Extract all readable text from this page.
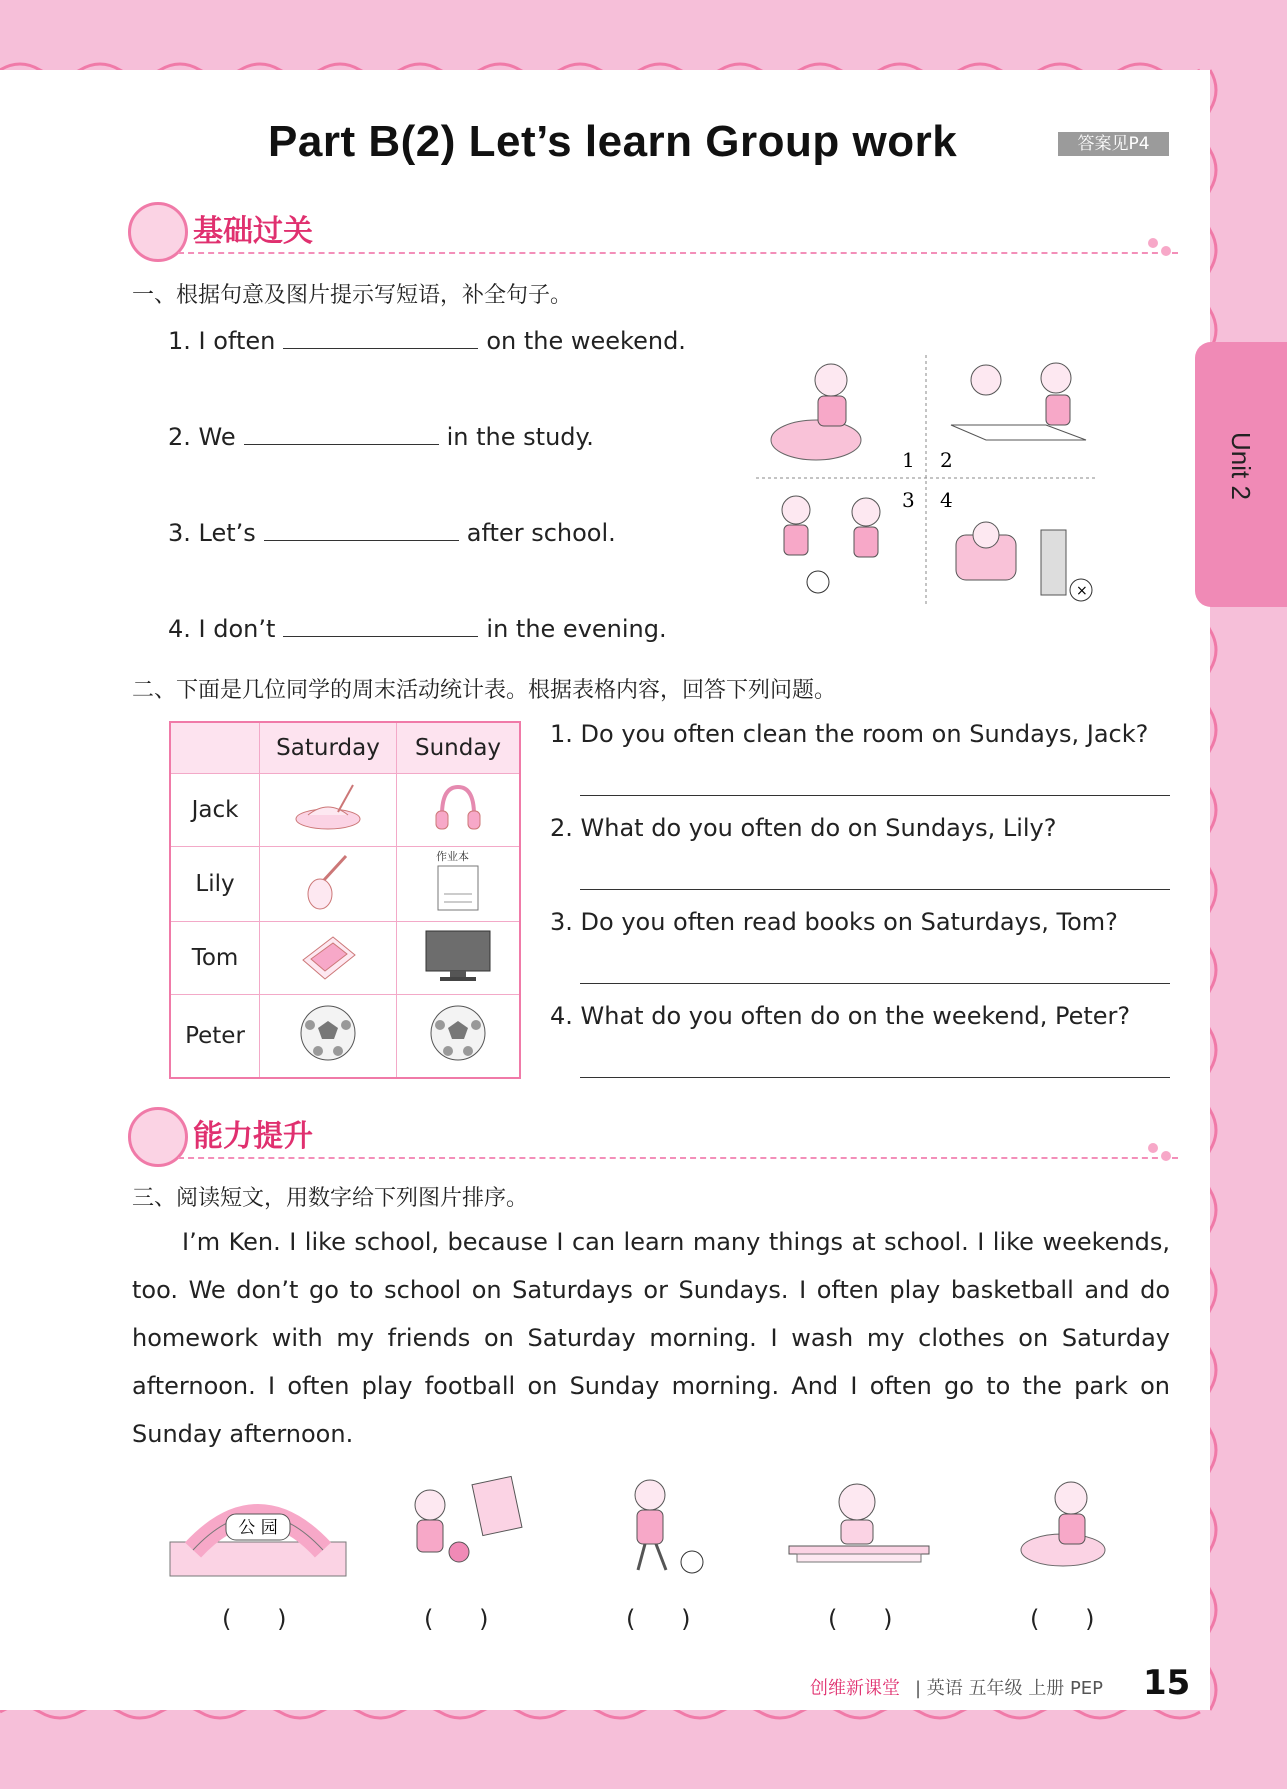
Part B(2) Let’s learn Group work	答案见P4
Unit 2
基础过关
一、根据句意及图片提示写短语，补全句子。
1. I often	on the weekend.
2. We	in the study.
3. Let’s	after school.
4. I don’t	in the evening.
×
1 2
3 4
二、下面是几位同学的周末活动统计表。根据表格内容，回答下列问题。
	Saturday	Sunday
Jack		
Lily		作业本

Tom		
Peter		
1. Do you often clean the room on Sundays, Jack?
2. What do you often do on Sundays, Lily?
3. Do you often read books on Saturdays, Tom?
4. What do you often do on the weekend, Peter?
能力提升
三、阅读短文，用数字给下列图片排序。
I’m Ken. I like school, because I can learn many things at school. I like weekends, too. We don’t go to school on Saturdays or Sundays. I often play basketball and do homework with my friends on Saturday morning. I wash my clothes on Saturday afternoon. I often play football on Sunday morning. And I often go to the park on Sunday afternoon.
公 园
(      )	(      )	(      )	(      )	(      )
创维新课堂 | 英语 五年级 上册 PEP 15
